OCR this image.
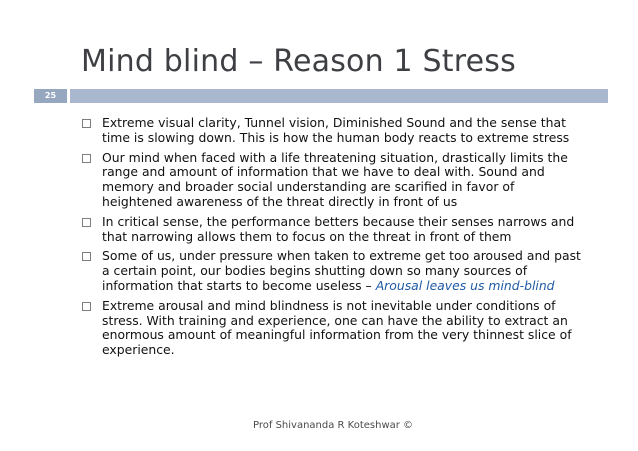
Mind blind – Reason 1 Stress
25
Extreme visual clarity, Tunnel vision, Diminished Sound and the sense that time is slowing down. This is how the human body reacts to extreme stress
Our mind when faced with a life threatening situation, drastically limits the range and amount of information that we have to deal with. Sound and memory and broader social understanding are scarified in favor of heightened awareness of the threat directly in front of us
In critical sense, the performance betters because their senses narrows and that narrowing allows them to focus on the threat in front of them
Some of us, under pressure when taken to extreme get too aroused and past a certain point, our bodies begins shutting down so many sources of information that starts to become useless – Arousal leaves us mind-blind
Extreme arousal and mind blindness is not inevitable under conditions of stress. With training and experience, one can have the ability to extract an enormous amount of meaningful information from the very thinnest slice of experience.
Prof Shivananda R Koteshwar ©
